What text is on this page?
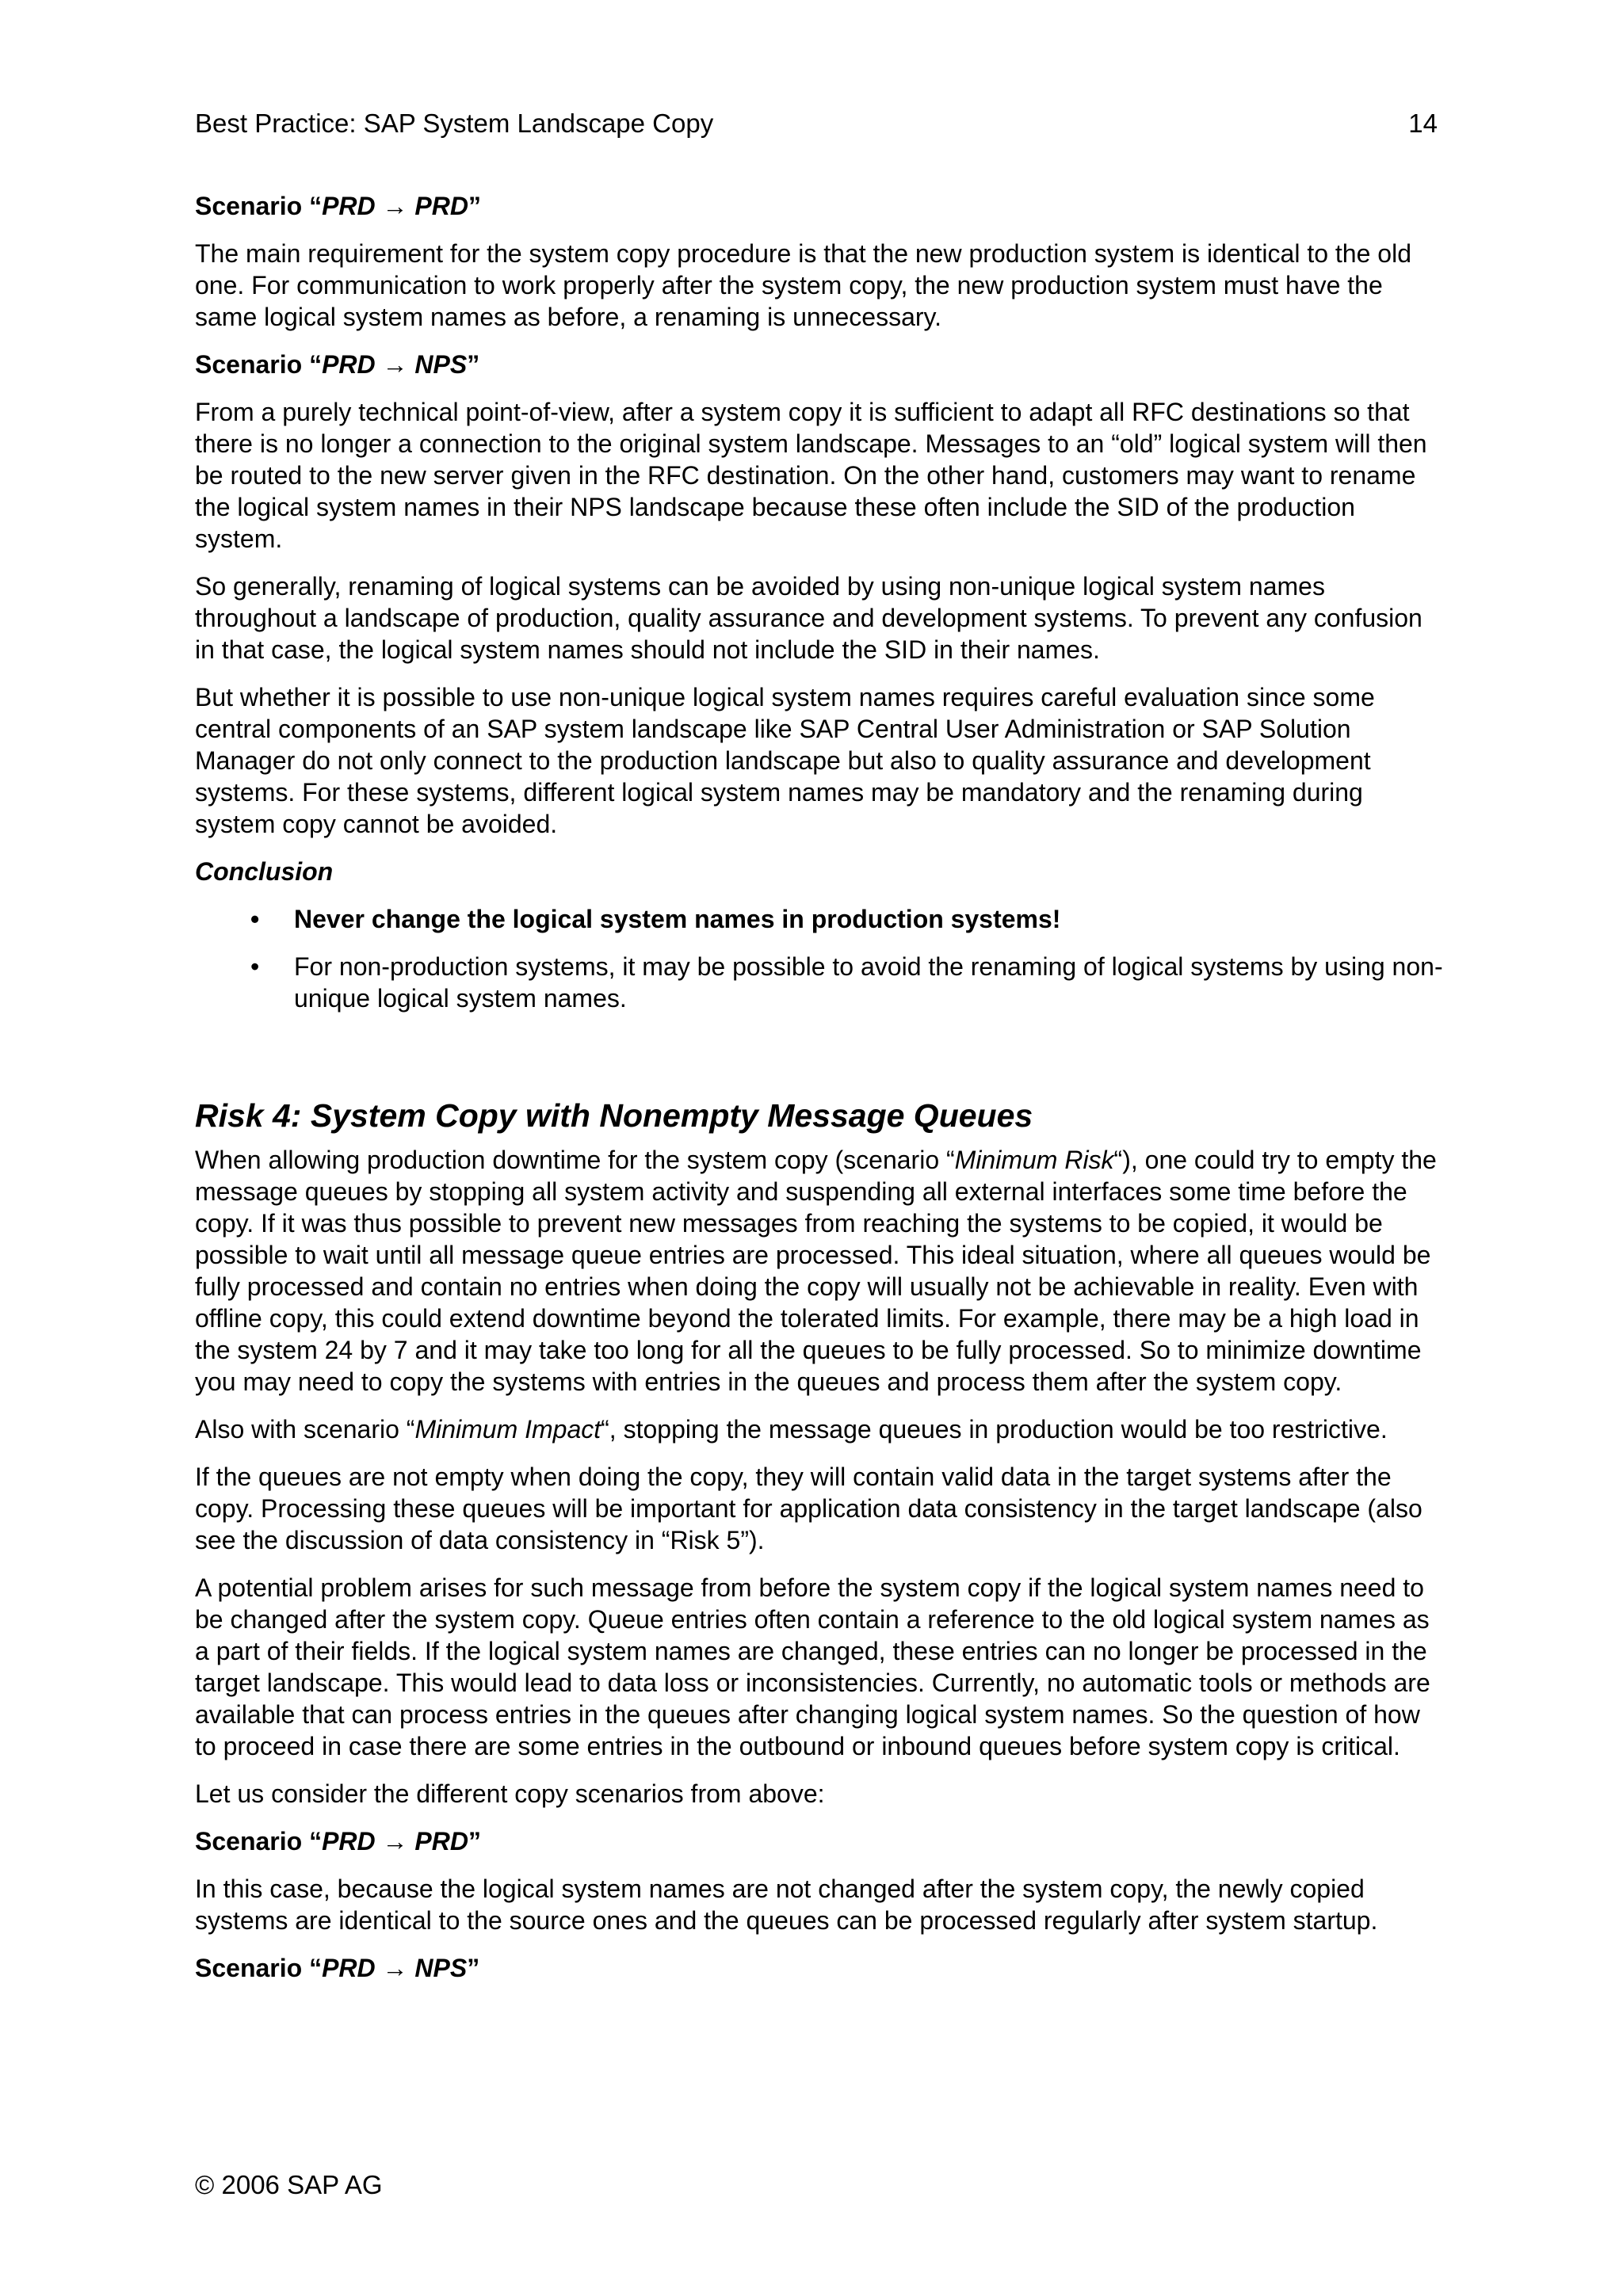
Best Practice: SAP System Landscape Copy	14
Scenario “PRD → PRD”

The main requirement for the system copy procedure is that the new production system is identical to the old one. For communication to work properly after the system copy, the new production system must have the same logical system names as before, a renaming is unnecessary.

Scenario “PRD → NPS”

From a purely technical point-of-view, after a system copy it is sufficient to adapt all RFC destinations so that there is no longer a connection to the original system landscape. Messages to an “old” logical system will then be routed to the new server given in the RFC destination. On the other hand, customers may want to rename the logical system names in their NPS landscape because these often include the SID of the production system.

So generally, renaming of logical systems can be avoided by using non-unique logical system names throughout a landscape of production, quality assurance and development systems. To prevent any confusion in that case, the logical system names should not include the SID in their names.

But whether it is possible to use non-unique logical system names requires careful evaluation since some central components of an SAP system landscape like SAP Central User Administration or SAP Solution Manager do not only connect to the production landscape but also to quality assurance and development systems. For these systems, different logical system names may be mandatory and the renaming during system copy cannot be avoided.

Conclusion
• Never change the logical system names in production systems!
• For non-production systems, it may be possible to avoid the renaming of logical systems by using non-unique logical system names.
Risk 4: System Copy with Nonempty Message Queues

When allowing production downtime for the system copy (scenario “Minimum Risk“), one could try to empty the message queues by stopping all system activity and suspending all external interfaces some time before the copy. If it was thus possible to prevent new messages from reaching the systems to be copied, it would be possible to wait until all message queue entries are processed. This ideal situation, where all queues would be fully processed and contain no entries when doing the copy will usually not be achievable in reality. Even with offline copy, this could extend downtime beyond the tolerated limits. For example, there may be a high load in the system 24 by 7 and it may take too long for all the queues to be fully processed. So to minimize downtime you may need to copy the systems with entries in the queues and process them after the system copy.

Also with scenario “Minimum Impact“, stopping the message queues in production would be too restrictive.

If the queues are not empty when doing the copy, they will contain valid data in the target systems after the copy. Processing these queues will be important for application data consistency in the target landscape (also see the discussion of data consistency in “Risk 5”).

A potential problem arises for such message from before the system copy if the logical system names need to be changed after the system copy. Queue entries often contain a reference to the old logical system names as a part of their fields. If the logical system names are changed, these entries can no longer be processed in the target landscape. This would lead to data loss or inconsistencies. Currently, no automatic tools or methods are available that can process entries in the queues after changing logical system names. So the question of how to proceed in case there are some entries in the outbound or inbound queues before system copy is critical.

Let us consider the different copy scenarios from above:

Scenario “PRD → PRD”

In this case, because the logical system names are not changed after the system copy, the newly copied systems are identical to the source ones and the queues can be processed regularly after system startup.

Scenario “PRD → NPS”
© 2006 SAP AG
